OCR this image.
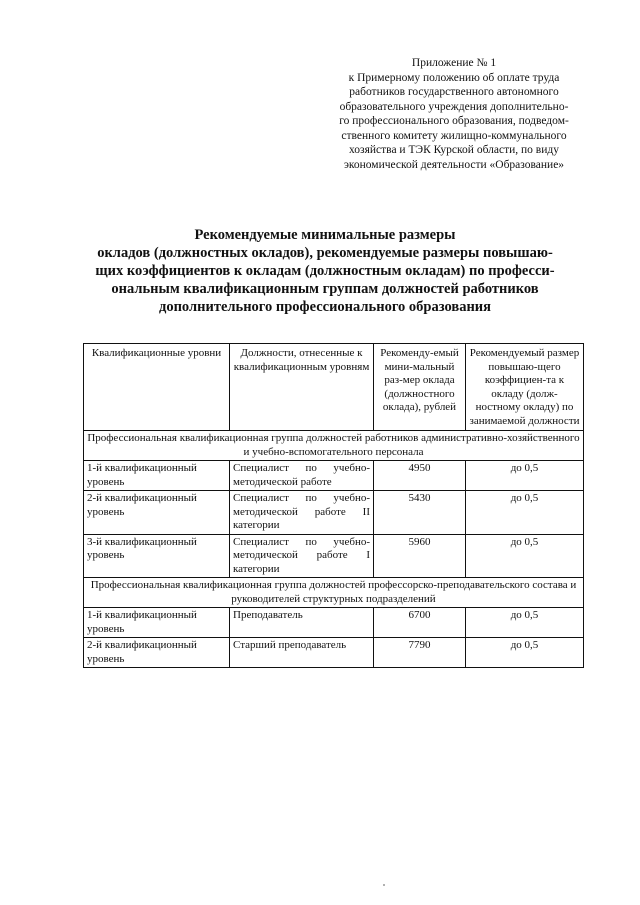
Приложение № 1
к Примерному положению об оплате труда
работников государственного автономного
образовательного учреждения дополнительно-
го профессионального образования, подведом-
ственного комитету жилищно-коммунального
хозяйства и ТЭК Курской области, по виду
экономической деятельности «Образование»
Рекомендуемые минимальные размеры
окладов (должностных окладов), рекомендуемые размеры повышаю-
щих коэффициентов к окладам (должностным окладам) по професси-
ональным квалификационным группам должностей работников
дополнительного профессионального образования
Квалификационные уровни	Должности, отнесенные к квалификационным уровням	Рекоменду-емый мини-мальный раз-мер оклада (должностного оклада), рублей	Рекомендуемый размер повышаю-щего коэффициен-та к окладу (долж-ностному окладу) по занимаемой должности
Профессиональная квалификационная группа должностей работников административно-хозяйственного и учебно-вспомогательного персонала			
1-й квалификационный уровень	Специалист по учебно-методической работе	4950	до 0,5
2-й квалификационный уровень	Специалист по учебно-методической работе II категории	5430	до 0,5
3-й квалификационный уровень	Специалист по учебно-методической работе I категории	5960	до 0,5
Профессиональная квалификационная группа должностей профессорско-преподавательского состава и руководителей структурных подразделений			
1-й квалификационный уровень	Преподаватель	6700	до 0,5
2-й квалификационный уровень	Старший преподаватель	7790	до 0,5
